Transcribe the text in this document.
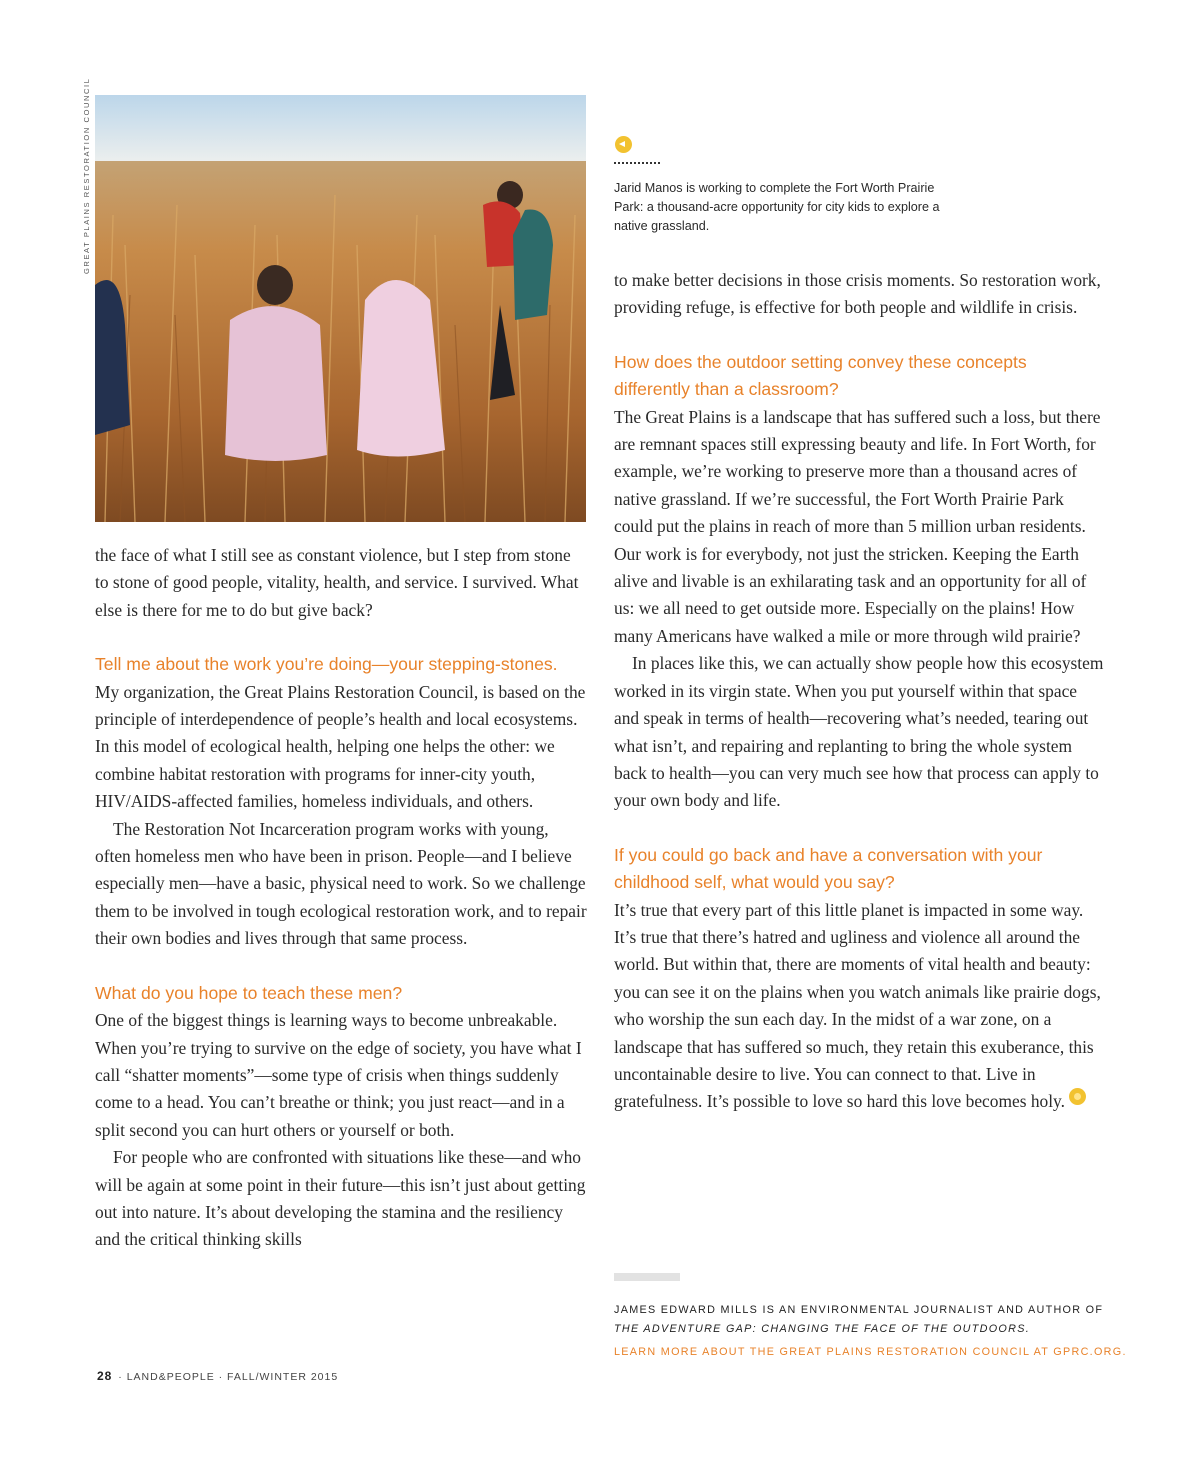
GREAT PLAINS RESTORATION COUNCIL	Jarid Manos is working to complete the Fort Worth Prairie Park: a thousand-acre opportunity for city kids to explore a native grassland.

the face of what I still see as constant violence, but I step from stone to stone of good people, vitality, health, and service. I survived. What else is there for me to do but give back?

Tell me about the work you’re doing—your stepping-stones.

My organization, the Great Plains Restoration Council, is based on the principle of interdependence of people’s health and local ecosystems. In this model of ecological health, helping one helps the other: we combine habitat restoration with programs for inner-city youth, HIV/AIDS-affected families, homeless individuals, and others.

The Restoration Not Incarceration program works with young, often homeless men who have been in prison. People—and I believe especially men—have a basic, physical need to work. So we challenge them to be involved in tough ecological restoration work, and to repair their own bodies and lives through that same process.

What do you hope to teach these men?

One of the biggest things is learning ways to become unbreakable. When you’re trying to survive on the edge of society, you have what I call “shatter moments”—some type of crisis when things suddenly come to a head. You can’t breathe or think; you just react—and in a split second you can hurt others or yourself or both.

For people who are confronted with situations like these—and who will be again at some point in their future—this isn’t just about getting out into nature. It’s about developing the stamina and the resiliency and the critical thinking skills

to make better decisions in those crisis moments. So restoration work, providing refuge, is effective for both people and wildlife in crisis.

How does the outdoor setting convey these concepts differently than a classroom?

The Great Plains is a landscape that has suffered such a loss, but there are remnant spaces still expressing beauty and life. In Fort Worth, for example, we’re working to preserve more than a thousand acres of native grassland. If we’re successful, the Fort Worth Prairie Park could put the plains in reach of more than 5 million urban residents. Our work is for everybody, not just the stricken. Keeping the Earth alive and livable is an exhilarating task and an opportunity for all of us: we all need to get outside more. Especially on the plains! How many Americans have walked a mile or more through wild prairie?

In places like this, we can actually show people how this ecosystem worked in its virgin state. When you put yourself within that space and speak in terms of health—recovering what’s needed, tearing out what isn’t, and repairing and replanting to bring the whole system back to health—you can very much see how that process can apply to your own body and life.

If you could go back and have a conversation with your childhood self, what would you say?

It’s true that every part of this little planet is impacted in some way. It’s true that there’s hatred and ugliness and violence all around the world. But within that, there are moments of vital health and beauty: you can see it on the plains when you watch animals like prairie dogs, who worship the sun each day. In the midst of a war zone, on a landscape that has suffered so much, they retain this exuberance, this uncontainable desire to live. You can connect to that. Live in gratefulness. It’s possible to love so hard this love becomes holy.

JAMES EDWARD MILLS IS AN ENVIRONMENTAL JOURNALIST AND AUTHOR OF
THE ADVENTURE GAP: CHANGING THE FACE OF THE OUTDOORS.
LEARN MORE ABOUT THE GREAT PLAINS RESTORATION COUNCIL AT GPRC.ORG.
28 · LAND&PEOPLE · FALL/WINTER 2015
